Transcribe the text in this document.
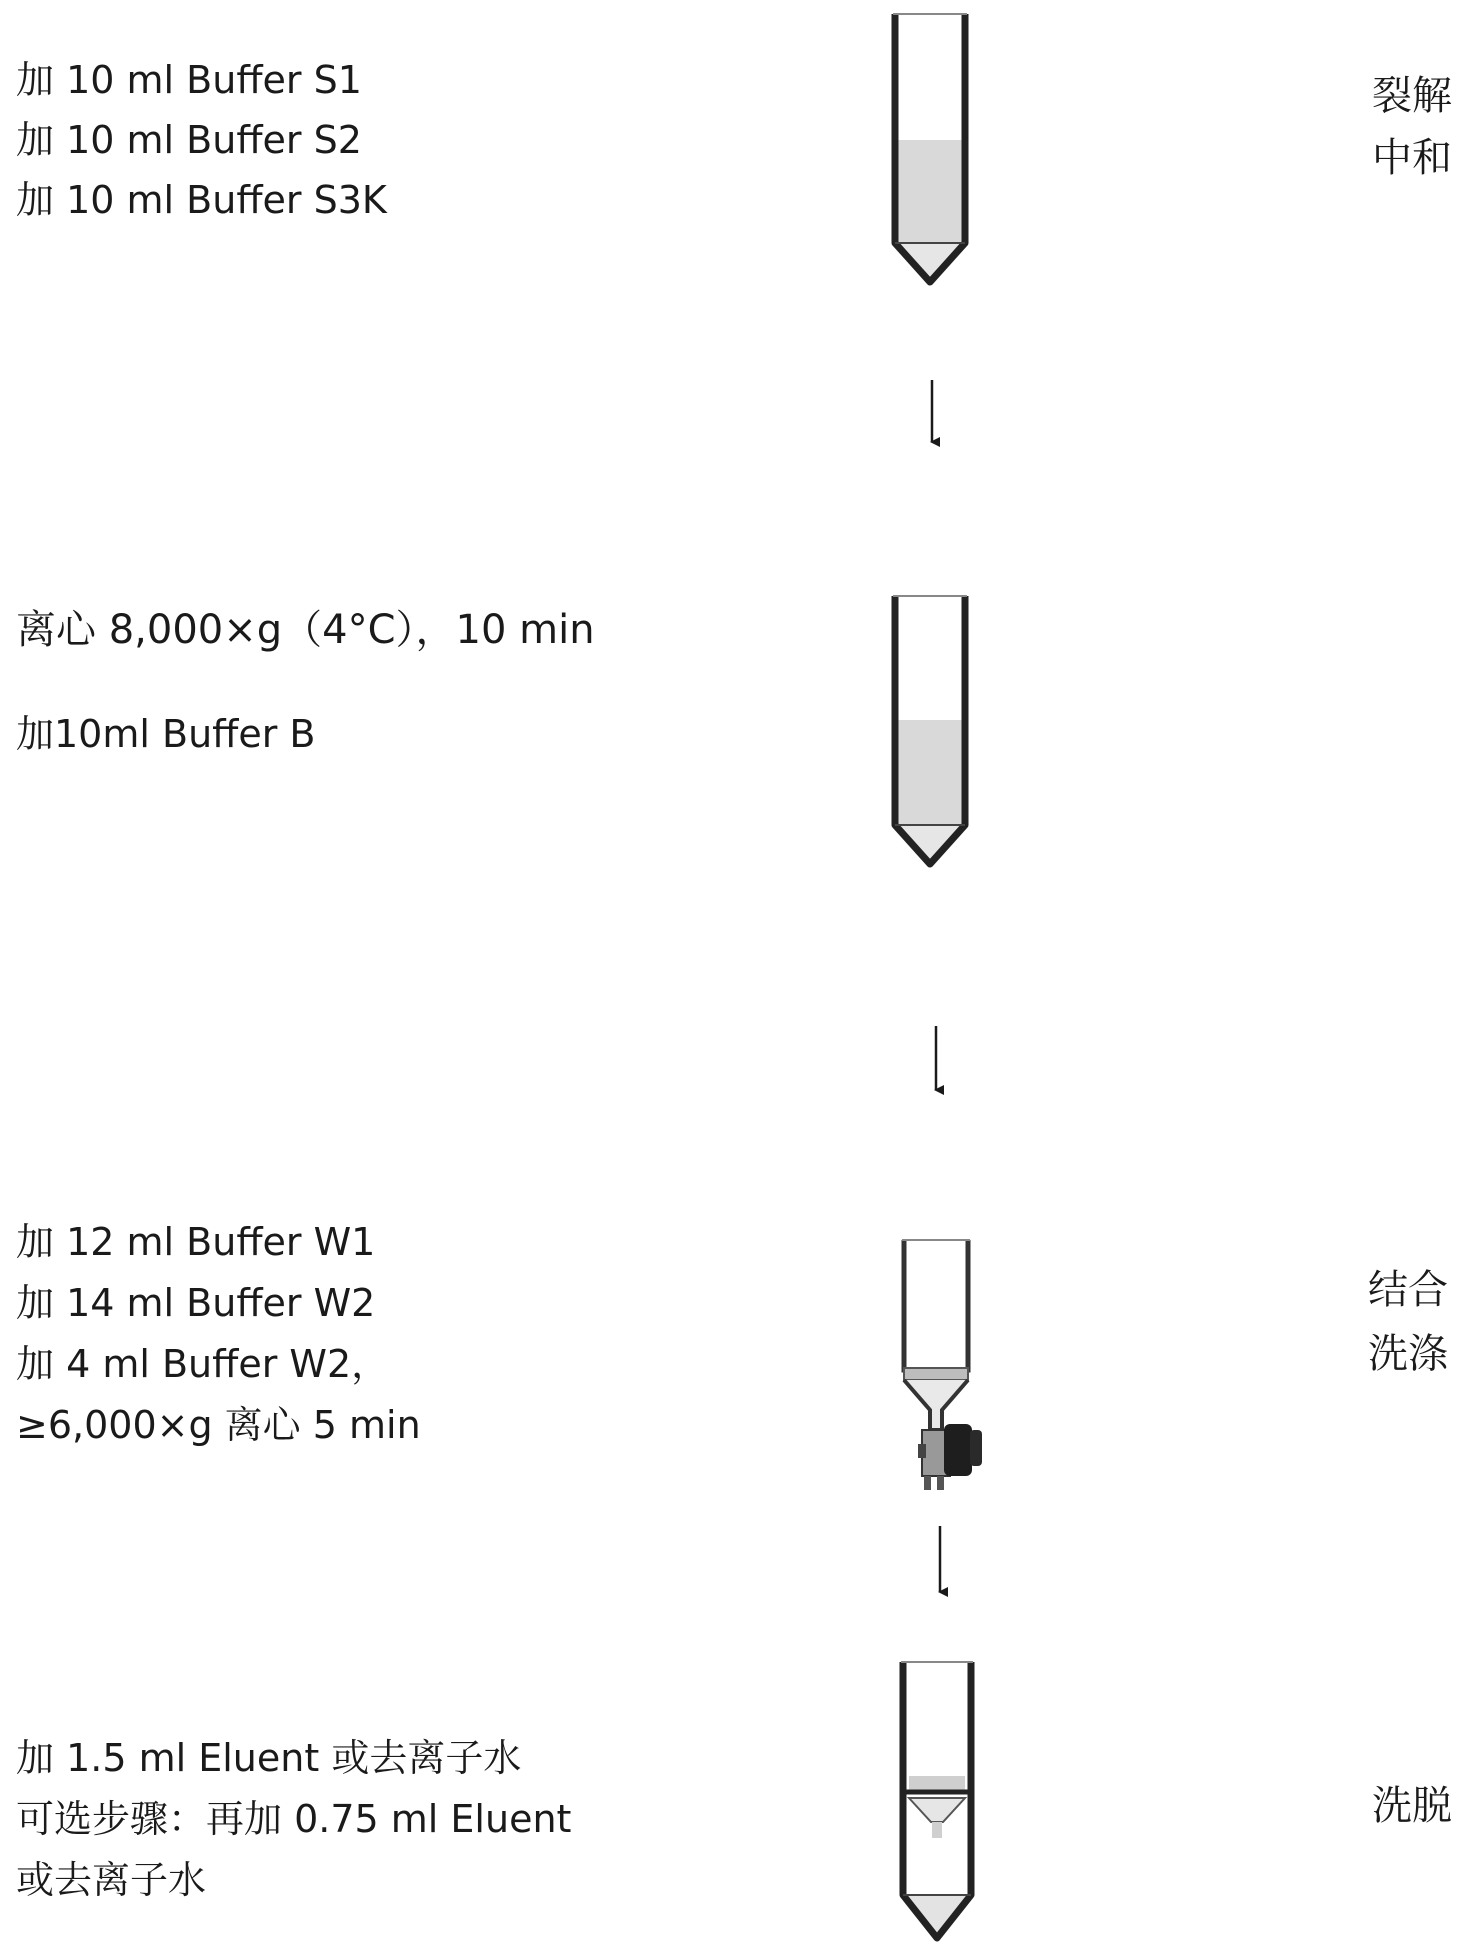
加 10 ml Buffer S1
加 10 ml Buffer S2
加 10 ml Buffer S3K
裂解
中和
离心 8,000×g（4°C），10 min
加10ml Buffer B
加 12 ml Buffer W1
加 14 ml Buffer W2
加 4 ml Buffer W2，
≥6,000×g 离心 5 min
结合
洗涤
加 1.5 ml Eluent 或去离子水
可选步骤：再加 0.75 ml Eluent
或去离子水
洗脱
